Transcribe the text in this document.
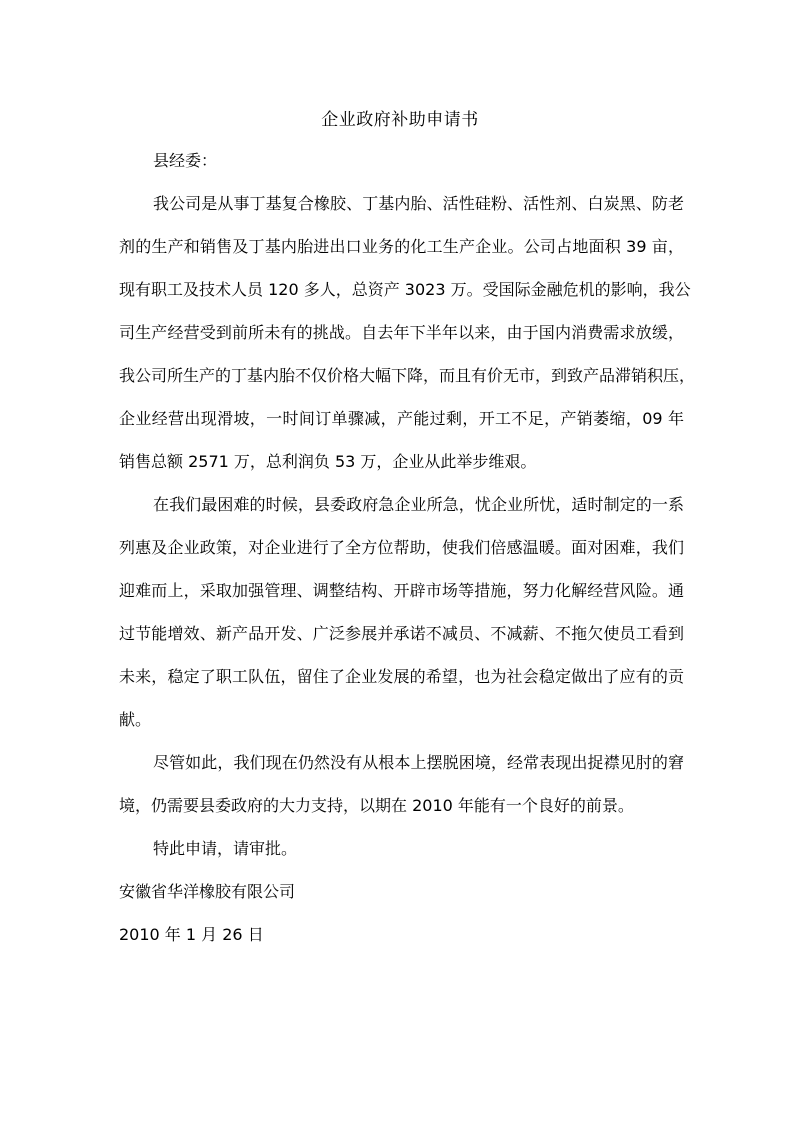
企业政府补助申请书
县经委：
我公司是从事丁基复合橡胶、丁基内胎、活性硅粉、活性剂、白炭黑、防老
剂的生产和销售及丁基内胎进出口业务的化工生产企业。公司占地面积 39 亩，
现有职工及技术人员 120 多人，总资产 3023 万。受国际金融危机的影响，我公
司生产经营受到前所未有的挑战。自去年下半年以来，由于国内消费需求放缓，
我公司所生产的丁基内胎不仅价格大幅下降，而且有价无市，到致产品滞销积压，
企业经营出现滑坡，一时间订单骤减，产能过剩，开工不足，产销萎缩，09 年
销售总额 2571 万，总利润负 53 万，企业从此举步维艰。
在我们最困难的时候，县委政府急企业所急，忧企业所忧，适时制定的一系
列惠及企业政策，对企业进行了全方位帮助，使我们倍感温暖。面对困难，我们
迎难而上，采取加强管理、调整结构、开辟市场等措施，努力化解经营风险。通
过节能增效、新产品开发、广泛参展并承诺不减员、不减薪、不拖欠使员工看到
未来，稳定了职工队伍，留住了企业发展的希望，也为社会稳定做出了应有的贡
献。
尽管如此，我们现在仍然没有从根本上摆脱困境，经常表现出捉襟见肘的窘
境，仍需要县委政府的大力支持，以期在 2010 年能有一个良好的前景。
特此申请，请审批。
安徽省华洋橡胶有限公司
2010 年 1 月 26 日
